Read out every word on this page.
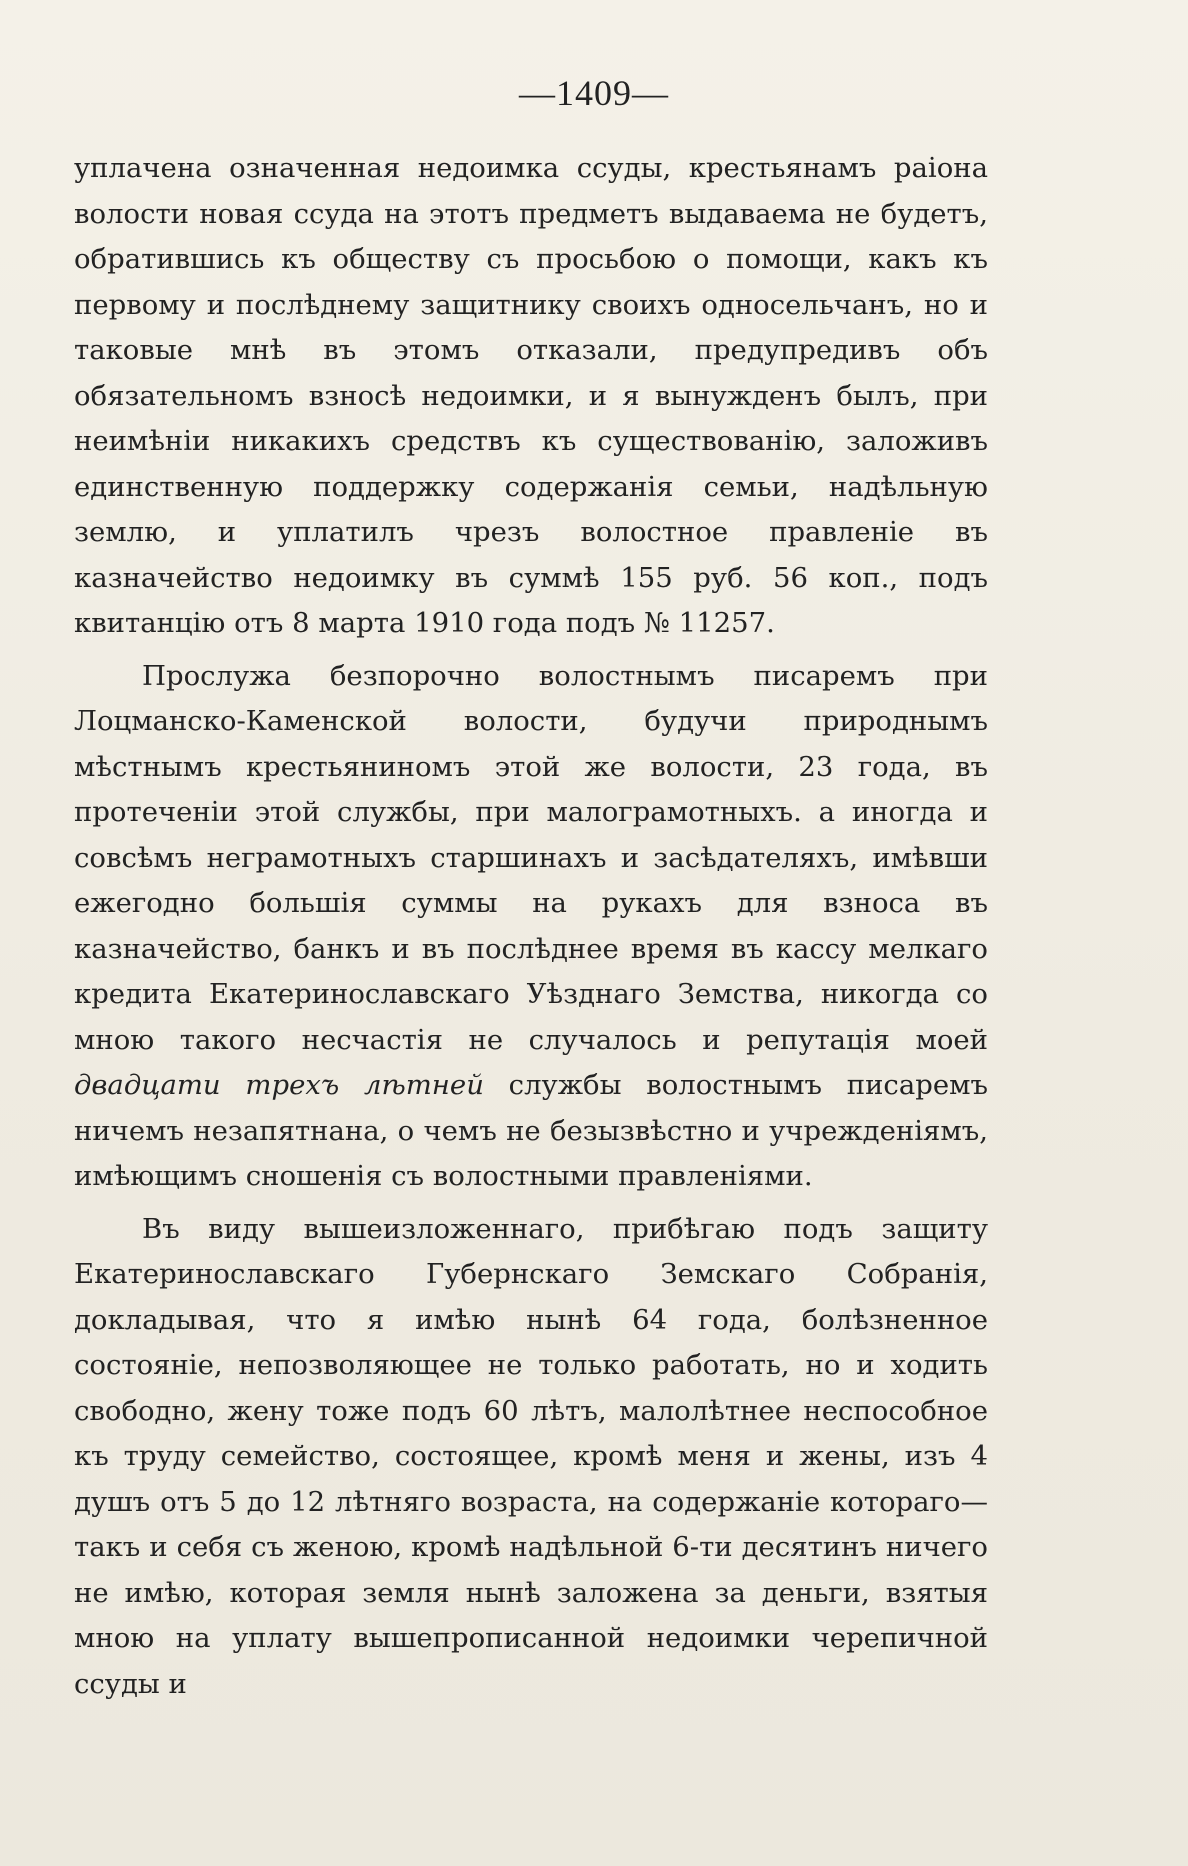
—1409—

уплачена означенная недоимка ссуды, крестьянамъ раіона волости новая ссуда на этотъ предметъ выдаваема не будетъ, обратившись къ обществу съ просьбою о помощи, какъ къ первому и послѣднему защитнику своихъ односельчанъ, но и таковые мнѣ въ этомъ отказали, предупредивъ объ обязательномъ взносѣ недоимки, и я вынужденъ былъ, при неимѣніи никакихъ средствъ къ существованію, заложивъ единственную поддержку содержанія семьи, надѣльную землю, и уплатилъ чрезъ волостное правленіе въ казначейство недоимку въ суммѣ 155 руб. 56 коп., подъ квитанцію отъ 8 марта 1910 года подъ № 11257.

Прослужа безпорочно волостнымъ писаремъ при Лоцманско-Каменской волости, будучи природнымъ мѣстнымъ крестьяниномъ этой же волости, 23 года, въ протеченіи этой службы, при малограмотныхъ. а иногда и совсѣмъ неграмотныхъ старшинахъ и засѣдателяхъ, имѣвши ежегодно большія суммы на рукахъ для взноса въ казначейство, банкъ и въ послѣднее время въ кассу мелкаго кредита Екатеринославскаго Уѣзднаго Земства, никогда со мною такого несчастія не случалось и репутація моей двадцати трехъ лѣтней службы волостнымъ писаремъ ничемъ незапятнана, о чемъ не безызвѣстно и учрежденіямъ, имѣющимъ сношенія съ волостными правленіями.

Въ виду вышеизложеннаго, прибѣгаю подъ защиту Екатеринославскаго Губернскаго Земскаго Собранія, докладывая, что я имѣю нынѣ 64 года, болѣзненное состояніе, непозволяющее не только работать, но и ходить свободно, жену тоже подъ 60 лѣтъ, малолѣтнее неспособное къ труду семейство, состоящее, кромѣ меня и жены, изъ 4 душъ отъ 5 до 12 лѣтняго возраста, на содержаніе котораго—такъ и себя съ женою, кромѣ надѣльной 6-ти десятинъ ничего не имѣю, которая земля нынѣ заложена за деньги, взятыя мною на уплату вышепрописанной недоимки черепичной ссуды и
